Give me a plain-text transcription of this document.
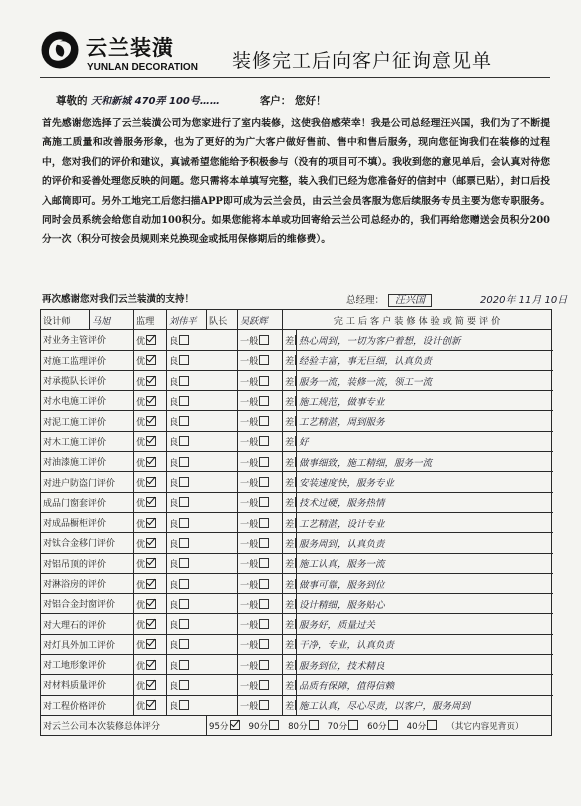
云兰装潢
YUNLAN DECORATION 装修完工后向客户征询意见单
尊敬的 天和新城 470弄 100号……	客户： 您好！
首先感谢您选择了云兰装潢公司为您家进行了室内装修，这使我倍感荣幸！我是公司总经理汪兴国，我们为了不断提高施工质量和改善服务形象，也为了更好的为广大客户做好售前、售中和售后服务，现向您征询我们在装修的过程中，您对我们的评价和建议，真诚希望您能给予积极参与（没有的项目可不填）。我收到您的意见单后，会认真对待您的评价和妥善处理您反映的问题。您只需将本单填写完整，装入我们已经为您准备好的信封中（邮票已贴），封口后投入邮筒即可。另外工地完工后您扫描APP即可成为云兰会员，由云兰会员客服为您后续服务专员主要为您专职服务。同时会员系统会给您自动加100积分。如果您能将本单或功回寄给云兰公司总经办的，我们再给您赠送会员积分200分一次（积分可按会员规则来兑换现金或抵用保修期后的维修费）。
再次感谢您对我们云兰装潢的支持！	总经理： 汪兴国	2020年 11月 10日
设计师	马旭	监理	刘伟平	队长	吴跃辉	完 工 后 客 户 装 修 体 验 或 简 要 评 价	
对业务主管评价		优	良		一般	差	热心周到，一切为客户着想，设计创新
对施工监理评价		优	良		一般	差	经验丰富，事无巨细，认真负责
对承揽队长评价		优	良		一般	差	服务一流，装修一流，领工一流
对水电施工评价		优	良		一般	差	施工规范，做事专业
对泥工施工评价		优	良		一般	差	工艺精湛，周到服务
对木工施工评价		优	良		一般	差	好
对油漆施工评价		优	良		一般	差	做事细致，施工精细，服务一流
对进户防盗门评价		优	良		一般	差	安装速度快，服务专业
成品门窗套评价		优	良		一般	差	技术过硬，服务热情
对成品橱柜评价		优	良		一般	差	工艺精湛，设计专业
对钛合金移门评价		优	良		一般	差	服务周到，认真负责
对铝吊顶的评价		优	良		一般	差	施工认真，服务一流
对淋浴房的评价		优	良		一般	差	做事可靠，服务到位
对铝合金封窗评价		优	良		一般	差	设计精细，服务贴心
对大理石的评价		优	良		一般	差	服务好，质量过关
对灯具外加工评价		优	良		一般	差	干净，专业，认真负责
对工地形象评价		优	良		一般	差	服务到位，技术精良
对材料质量评价		优	良		一般	差	品质有保障，值得信赖
对工程价格评价		优	良		一般	差	施工认真，尽心尽责，以客户，服务周到
对云兰公司本次装修总体评分				95分 90分 80分 70分 60分 40分 （其它内容见背页）			
